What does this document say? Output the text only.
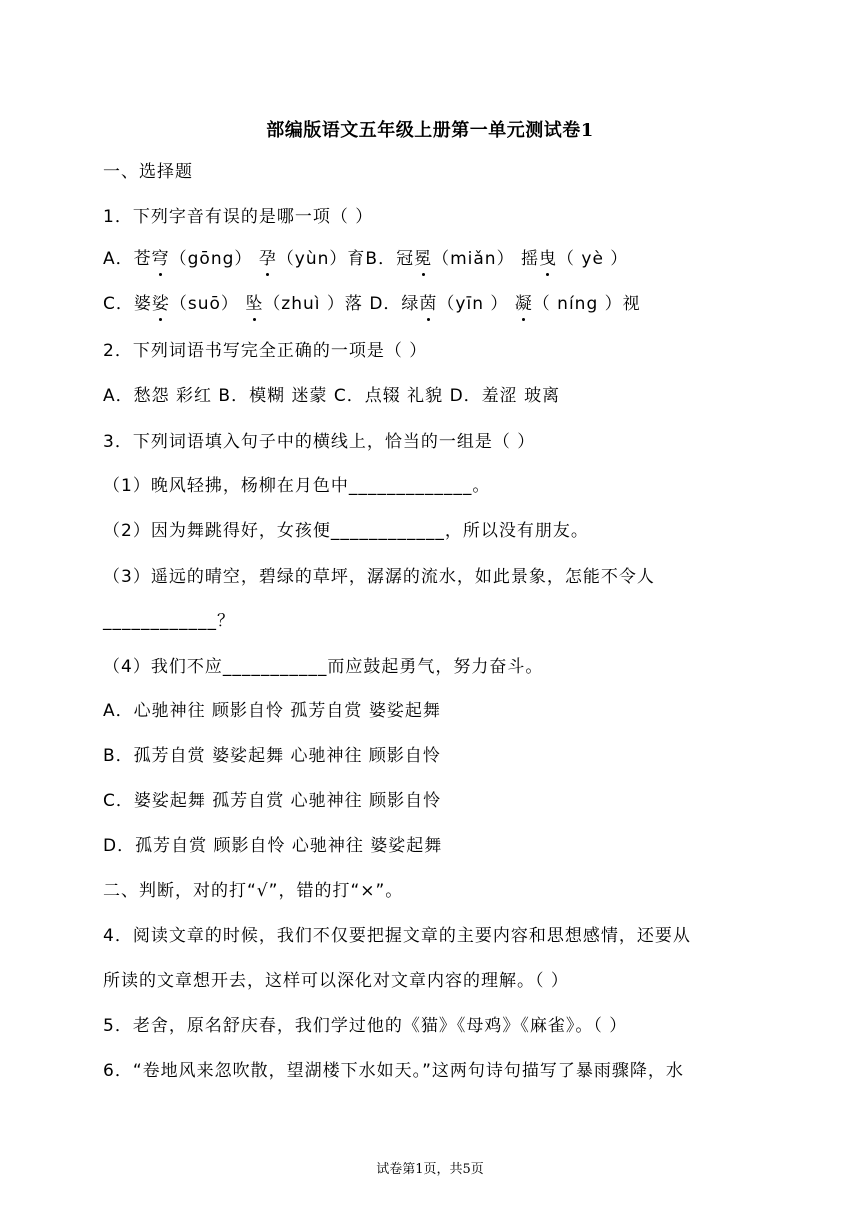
部编版语文五年级上册第一单元测试卷1
一、选择题
1．下列字音有误的是哪一项（ ）
A．苍穹（gōng） 孕（yùn）育B．冠冕（miǎn） 摇曳（ yè ）
C．婆娑（suō） 坠（zhuì ）落 D．绿茵（yīn ） 凝（ níng ）视
2．下列词语书写完全正确的一项是（ ）
A．愁怨 彩红 B．模糊 迷蒙 C．点辍 礼貌 D．羞涩 玻离
3．下列词语填入句子中的横线上，恰当的一组是（ ）
（1）晚风轻拂，杨柳在月色中_____________。
（2）因为舞跳得好，女孩便____________，所以没有朋友。
（3）遥远的晴空，碧绿的草坪，潺潺的流水，如此景象，怎能不令人
____________？
（4）我们不应___________而应鼓起勇气，努力奋斗。
A．心驰神往 顾影自怜 孤芳自赏 婆娑起舞
B．孤芳自赏 婆娑起舞 心驰神往 顾影自怜
C．婆娑起舞 孤芳自赏 心驰神往 顾影自怜
D．孤芳自赏 顾影自怜 心驰神往 婆娑起舞
二、判断，对的打“√”，错的打“×”。
4．阅读文章的时候，我们不仅要把握文章的主要内容和思想感情，还要从
所读的文章想开去，这样可以深化对文章内容的理解。（ ）
5．老舍，原名舒庆春，我们学过他的《猫》《母鸡》《麻雀》。（ ）
6．“卷地风来忽吹散，望湖楼下水如天。”这两句诗句描写了暴雨骤降，水
试卷第1页，共5页
